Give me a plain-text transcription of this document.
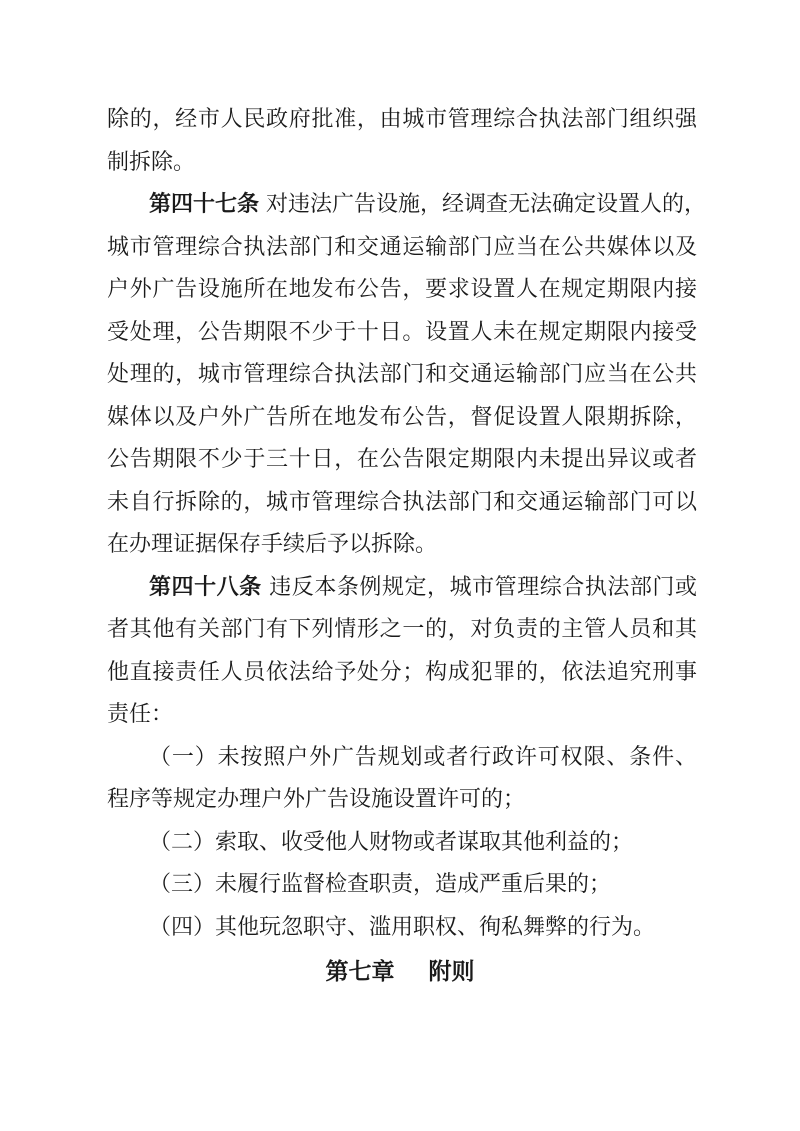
除的，经市人民政府批准，由城市管理综合执法部门组织强
制拆除。
第四十七条 对违法广告设施，经调查无法确定设置人的，
城市管理综合执法部门和交通运输部门应当在公共媒体以及
户外广告设施所在地发布公告，要求设置人在规定期限内接
受处理，公告期限不少于十日。设置人未在规定期限内接受
处理的，城市管理综合执法部门和交通运输部门应当在公共
媒体以及户外广告所在地发布公告，督促设置人限期拆除，
公告期限不少于三十日，在公告限定期限内未提出异议或者
未自行拆除的，城市管理综合执法部门和交通运输部门可以
在办理证据保存手续后予以拆除。
第四十八条 违反本条例规定，城市管理综合执法部门或
者其他有关部门有下列情形之一的，对负责的主管人员和其
他直接责任人员依法给予处分；构成犯罪的，依法追究刑事
责任：
（一）未按照户外广告规划或者行政许可权限、条件、
程序等规定办理户外广告设施设置许可的；
（二）索取、收受他人财物或者谋取其他利益的；
（三）未履行监督检查职责，造成严重后果的；
（四）其他玩忽职守、滥用职权、徇私舞弊的行为。
第七章 附则
